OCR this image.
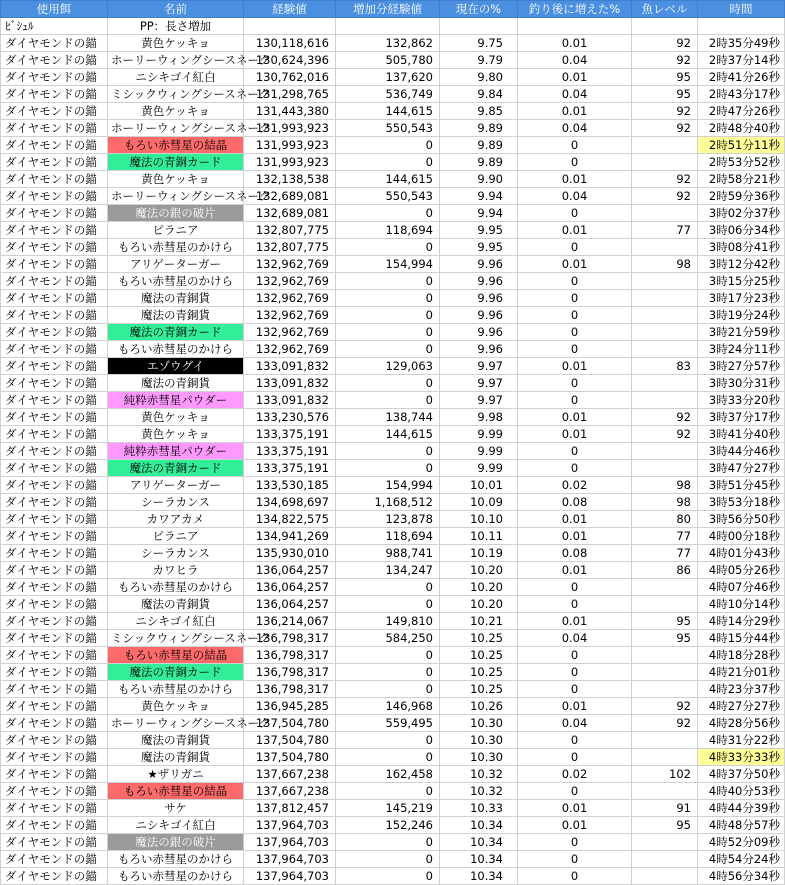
使用餌	名前	経験値	増加分経験値	現在の%	釣り後に増えた%	魚レベル	時間
ﾋﾞｼｭﾙ	PP：長さ増加						
ダイヤモンドの錨	黄色ケッキョ	130,118,616	132,862	9.75	0.01	92	2時35分49秒
ダイヤモンドの錨	ホーリーウィングシースネーク	130,624,396	505,780	9.79	0.04	92	2時37分14秒
ダイヤモンドの錨	ニシキゴイ紅白	130,762,016	137,620	9.80	0.01	95	2時41分26秒
ダイヤモンドの錨	ミシックウィングシースネーク	131,298,765	536,749	9.84	0.04	95	2時43分17秒
ダイヤモンドの錨	黄色ケッキョ	131,443,380	144,615	9.85	0.01	92	2時47分26秒
ダイヤモンドの錨	ホーリーウィングシースネーク	131,993,923	550,543	9.89	0.04	92	2時48分40秒
ダイヤモンドの錨	もろい赤彗星の結晶	131,993,923	0	9.89	0		2時51分11秒
ダイヤモンドの錨	魔法の青銅カード	131,993,923	0	9.89	0		2時53分52秒
ダイヤモンドの錨	黄色ケッキョ	132,138,538	144,615	9.90	0.01	92	2時58分21秒
ダイヤモンドの錨	ホーリーウィングシースネーク	132,689,081	550,543	9.94	0.04	92	2時59分36秒
ダイヤモンドの錨	魔法の銀の破片	132,689,081	0	9.94	0		3時02分37秒
ダイヤモンドの錨	ピラニア	132,807,775	118,694	9.95	0.01	77	3時06分34秒
ダイヤモンドの錨	もろい赤彗星のかけら	132,807,775	0	9.95	0		3時08分41秒
ダイヤモンドの錨	アリゲーターガー	132,962,769	154,994	9.96	0.01	98	3時12分42秒
ダイヤモンドの錨	もろい赤彗星のかけら	132,962,769	0	9.96	0		3時15分25秒
ダイヤモンドの錨	魔法の青銅貨	132,962,769	0	9.96	0		3時17分23秒
ダイヤモンドの錨	魔法の青銅貨	132,962,769	0	9.96	0		3時19分24秒
ダイヤモンドの錨	魔法の青銅カード	132,962,769	0	9.96	0		3時21分59秒
ダイヤモンドの錨	もろい赤彗星のかけら	132,962,769	0	9.96	0		3時24分11秒
ダイヤモンドの錨	エゾウグイ	133,091,832	129,063	9.97	0.01	83	3時27分57秒
ダイヤモンドの錨	魔法の青銅貨	133,091,832	0	9.97	0		3時30分31秒
ダイヤモンドの錨	純粋赤彗星パウダー	133,091,832	0	9.97	0		3時33分20秒
ダイヤモンドの錨	黄色ケッキョ	133,230,576	138,744	9.98	0.01	92	3時37分17秒
ダイヤモンドの錨	黄色ケッキョ	133,375,191	144,615	9.99	0.01	92	3時41分40秒
ダイヤモンドの錨	純粋赤彗星パウダー	133,375,191	0	9.99	0		3時44分46秒
ダイヤモンドの錨	魔法の青銅カード	133,375,191	0	9.99	0		3時47分27秒
ダイヤモンドの錨	アリゲーターガー	133,530,185	154,994	10.01	0.02	98	3時51分45秒
ダイヤモンドの錨	シーラカンス	134,698,697	1,168,512	10.09	0.08	98	3時53分18秒
ダイヤモンドの錨	カワアカメ	134,822,575	123,878	10.10	0.01	80	3時56分50秒
ダイヤモンドの錨	ピラニア	134,941,269	118,694	10.11	0.01	77	4時00分18秒
ダイヤモンドの錨	シーラカンス	135,930,010	988,741	10.19	0.08	77	4時01分43秒
ダイヤモンドの錨	カワヒラ	136,064,257	134,247	10.20	0.01	86	4時05分26秒
ダイヤモンドの錨	もろい赤彗星のかけら	136,064,257	0	10.20	0		4時07分46秒
ダイヤモンドの錨	魔法の青銅貨	136,064,257	0	10.20	0		4時10分14秒
ダイヤモンドの錨	ニシキゴイ紅白	136,214,067	149,810	10.21	0.01	95	4時14分29秒
ダイヤモンドの錨	ミシックウィングシースネーク	136,798,317	584,250	10.25	0.04	95	4時15分44秒
ダイヤモンドの錨	もろい赤彗星の結晶	136,798,317	0	10.25	0		4時18分28秒
ダイヤモンドの錨	魔法の青銅カード	136,798,317	0	10.25	0		4時21分01秒
ダイヤモンドの錨	もろい赤彗星のかけら	136,798,317	0	10.25	0		4時23分37秒
ダイヤモンドの錨	黄色ケッキョ	136,945,285	146,968	10.26	0.01	92	4時27分27秒
ダイヤモンドの錨	ホーリーウィングシースネーク	137,504,780	559,495	10.30	0.04	92	4時28分56秒
ダイヤモンドの錨	魔法の青銅貨	137,504,780	0	10.30	0		4時31分22秒
ダイヤモンドの錨	魔法の青銅貨	137,504,780	0	10.30	0		4時33分33秒
ダイヤモンドの錨	★ザリガニ	137,667,238	162,458	10.32	0.02	102	4時37分50秒
ダイヤモンドの錨	もろい赤彗星の結晶	137,667,238	0	10.32	0		4時40分53秒
ダイヤモンドの錨	サケ	137,812,457	145,219	10.33	0.01	91	4時44分39秒
ダイヤモンドの錨	ニシキゴイ紅白	137,964,703	152,246	10.34	0.01	95	4時48分57秒
ダイヤモンドの錨	魔法の銀の破片	137,964,703	0	10.34	0		4時52分09秒
ダイヤモンドの錨	もろい赤彗星のかけら	137,964,703	0	10.34	0		4時54分24秒
ダイヤモンドの錨	もろい赤彗星のかけら	137,964,703	0	10.34	0		4時56分34秒
